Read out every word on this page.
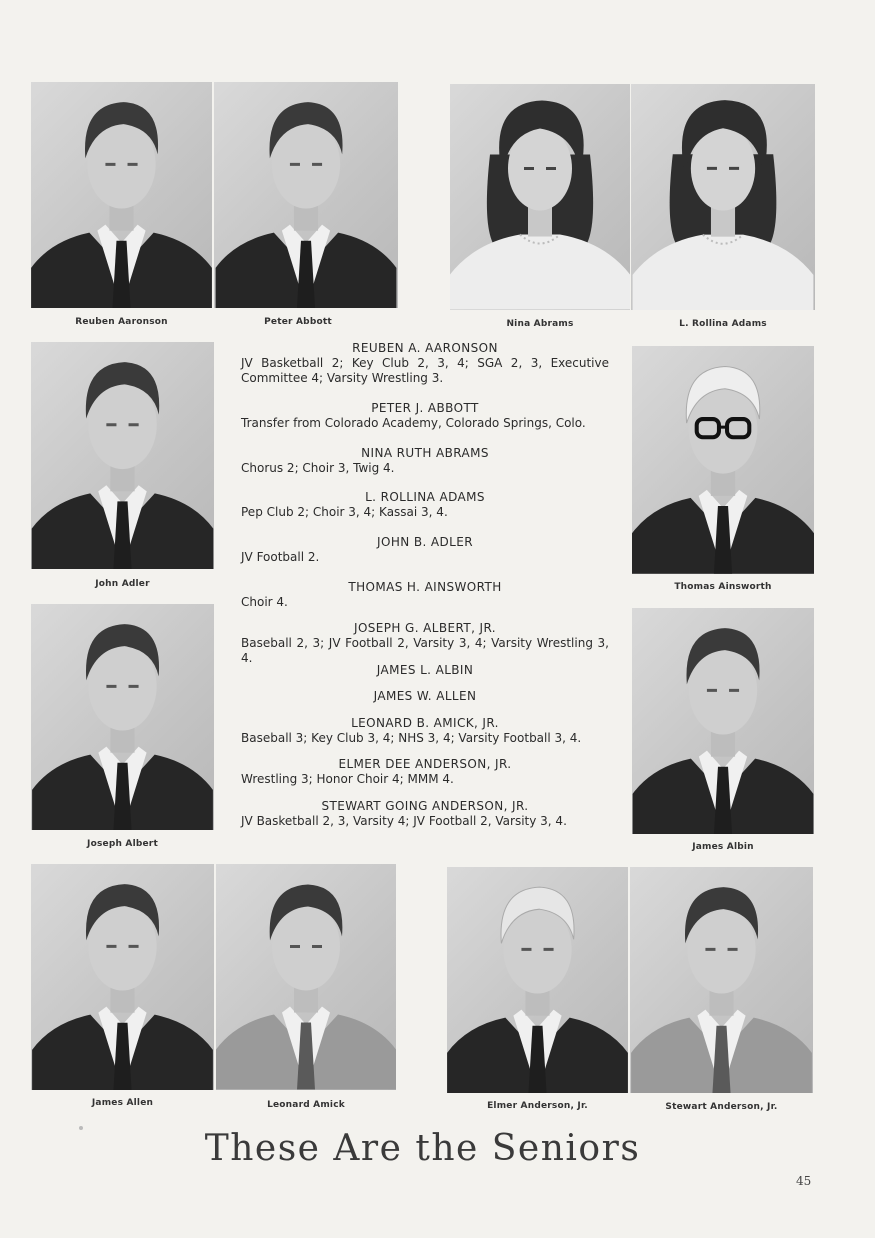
Reuben Aaronson	Peter Abbott	Nina Abrams	L. Rollina Adams
John Adler	Thomas Ainsworth
Joseph Albert	James Albin
James Allen	Leonard Amick	Elmer Anderson, Jr.	Stewart Anderson, Jr.
REUBEN A. AARONSON
JV Basketball 2; Key Club 2, 3, 4; SGA 2, 3, Executive Committee 4; Varsity Wrestling 3.
PETER J. ABBOTT
Transfer from Colorado Academy, Colorado Springs, Colo.
NINA RUTH ABRAMS
Chorus 2; Choir 3, Twig 4.
L. ROLLINA ADAMS
Pep Club 2; Choir 3, 4; Kassai 3, 4.
JOHN B. ADLER
JV Football 2.
THOMAS H. AINSWORTH
Choir 4.
JOSEPH G. ALBERT, JR.
Baseball 2, 3; JV Football 2, Varsity 3, 4; Varsity Wrestling 3, 4.
JAMES L. ALBIN
JAMES W. ALLEN
LEONARD B. AMICK, JR.
Baseball 3; Key Club 3, 4; NHS 3, 4; Varsity Football 3, 4.
ELMER DEE ANDERSON, JR.
Wrestling 3; Honor Choir 4; MMM 4.
STEWART GOING ANDERSON, JR.
JV Basketball 2, 3, Varsity 4; JV Football 2, Varsity 3, 4.
These Are the Seniors
45
